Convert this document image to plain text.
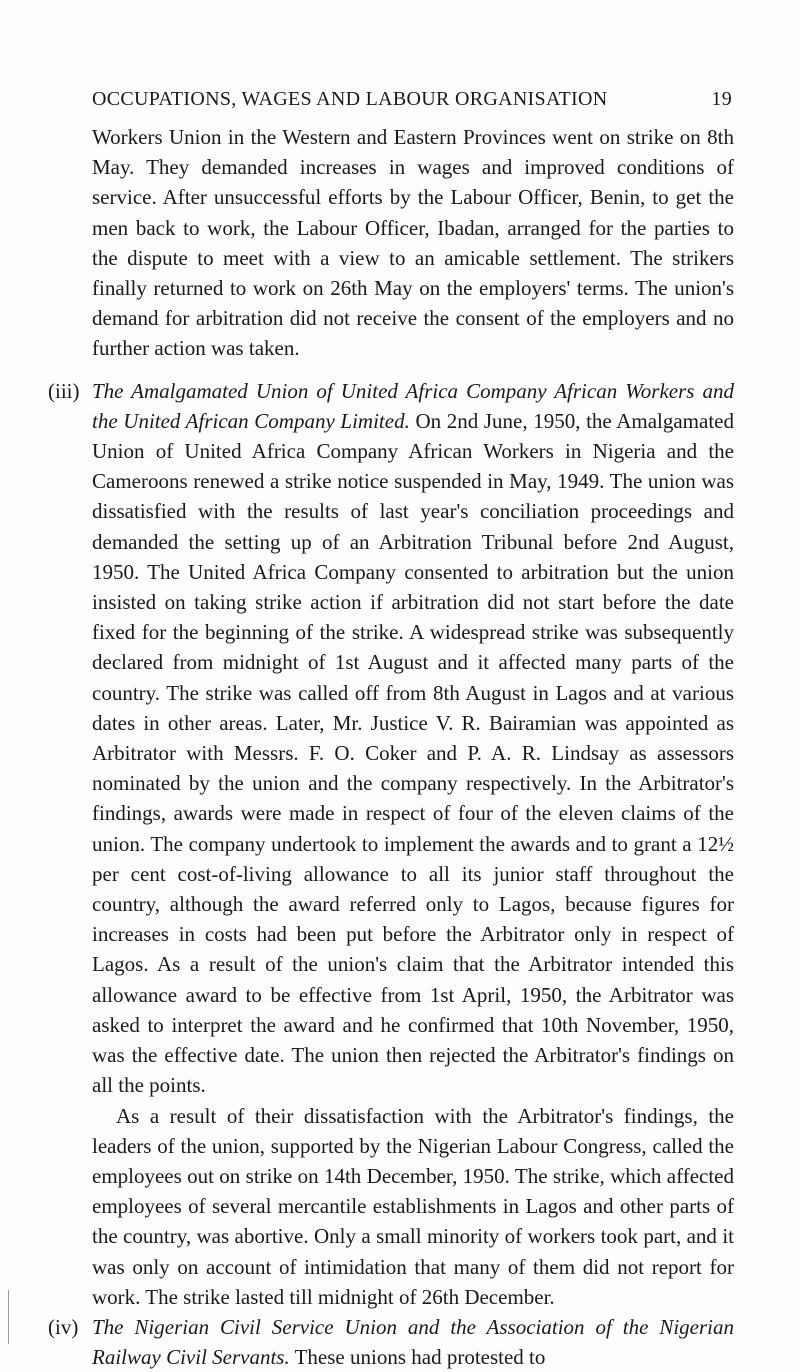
OCCUPATIONS, WAGES AND LABOUR ORGANISATION	19

Workers Union in the Western and Eastern Provinces went on strike on 8th May. They demanded increases in wages and improved conditions of service. After unsuccessful efforts by the Labour Officer, Benin, to get the men back to work, the Labour Officer, Ibadan, arranged for the parties to the dispute to meet with a view to an amicable settlement. The strikers finally returned to work on 26th May on the employers' terms. The union's demand for arbitration did not receive the consent of the employers and no further action was taken.

(iii) The Amalgamated Union of United Africa Company African Workers and the United African Company Limited. On 2nd June, 1950, the Amalgamated Union of United Africa Company African Workers in Nigeria and the Cameroons renewed a strike notice suspended in May, 1949. The union was dissatisfied with the results of last year's conciliation proceedings and demanded the setting up of an Arbitration Tribunal before 2nd August, 1950. The United Africa Company consented to arbitration but the union insisted on taking strike action if arbitration did not start before the date fixed for the beginning of the strike. A widespread strike was subsequently declared from midnight of 1st August and it affected many parts of the country. The strike was called off from 8th August in Lagos and at various dates in other areas. Later, Mr. Justice V. R. Bairamian was appointed as Arbitrator with Messrs. F. O. Coker and P. A. R. Lindsay as assessors nominated by the union and the company respectively. In the Arbitrator's findings, awards were made in respect of four of the eleven claims of the union. The company undertook to implement the awards and to grant a 12½ per cent cost-of-living allowance to all its junior staff throughout the country, although the award referred only to Lagos, because figures for increases in costs had been put before the Arbitrator only in respect of Lagos. As a result of the union's claim that the Arbitrator intended this allowance award to be effective from 1st April, 1950, the Arbitrator was asked to interpret the award and he confirmed that 10th November, 1950, was the effective date. The union then rejected the Arbitrator's findings on all the points.

As a result of their dissatisfaction with the Arbitrator's findings, the leaders of the union, supported by the Nigerian Labour Congress, called the employees out on strike on 14th December, 1950. The strike, which affected employees of several mercantile establishments in Lagos and other parts of the country, was abortive. Only a small minority of workers took part, and it was only on account of intimidation that many of them did not report for work. The strike lasted till midnight of 26th December.

(iv) The Nigerian Civil Service Union and the Association of the Nigerian Railway Civil Servants. These unions had protested to
